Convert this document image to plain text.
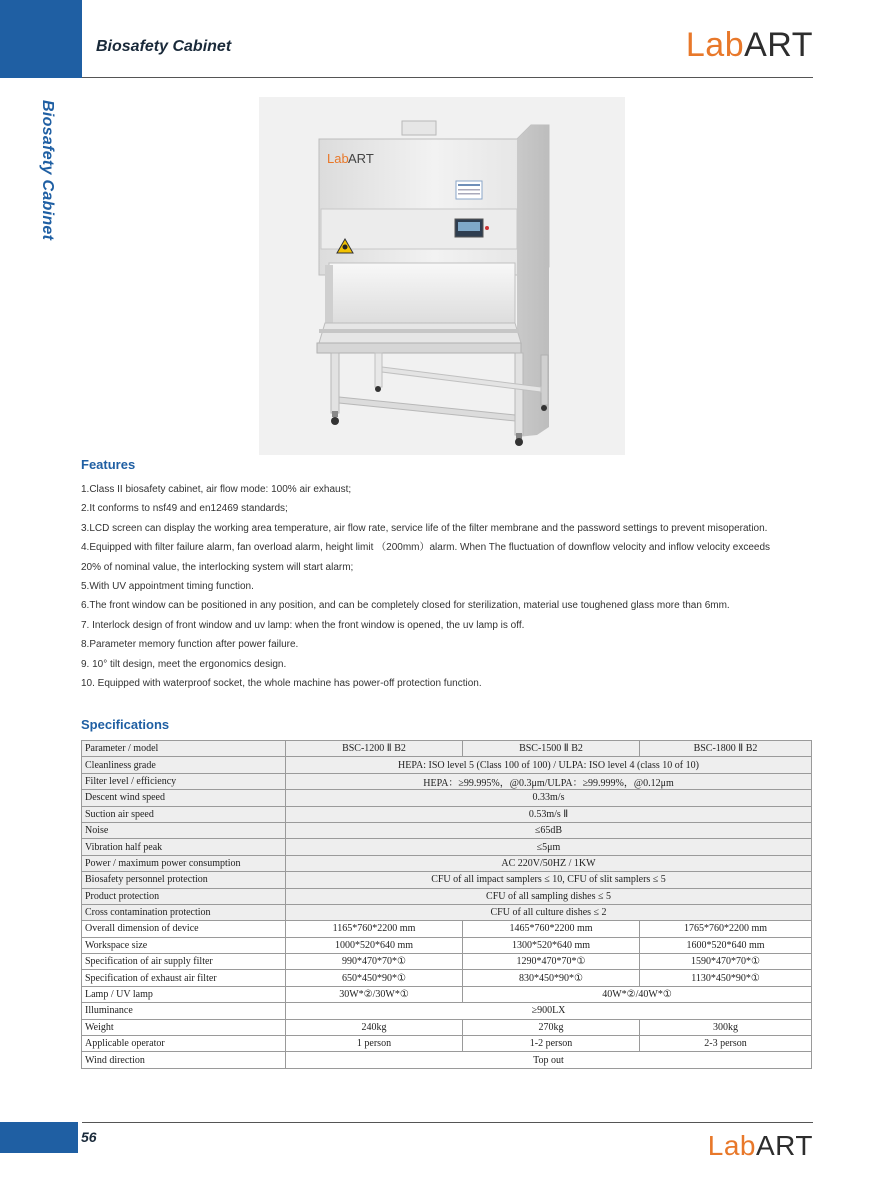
Biosafety Cabinet	LabART
Biosafety Cabinet	Lab ART
Features

1.Class II biosafety cabinet, air flow mode: 100% air exhaust;

2.It conforms to nsf49 and en12469 standards;

3.LCD screen can display the working area temperature, air flow rate, service life of the filter membrane and the password settings to prevent misoperation.

4.Equipped with filter failure alarm, fan overload alarm, height limit （200mm）alarm. When The fluctuation of downflow velocity and inflow velocity exceeds 20% of nominal value, the interlocking system will start alarm;

5.With UV appointment timing function.

6.The front window can be positioned in any position, and can be completely closed for sterilization, material use toughened glass more than 6mm.

7. Interlock design of front window and uv lamp: when the front window is opened, the uv lamp is off.

8.Parameter memory function after power failure.

9. 10° tilt design, meet the ergonomics design.

10. Equipped with waterproof socket, the whole machine has power-off protection function.

Specifications
Parameter / model	BSC-1200 Ⅱ B2	BSC-1500 Ⅱ B2	BSC-1800 Ⅱ B2
Cleanliness grade	HEPA: ISO level 5 (Class 100 of 100) / ULPA: ISO level 4 (class 10 of 10)		
Filter level / efficiency	HEPA：≥99.995%，@0.3μm/ULPA：≥99.999%，@0.12μm		
Descent wind speed	0.33m/s		
Suction air speed	0.53m/s Ⅱ		
Noise	≤65dB		
Vibration half peak	≤5μm		
Power / maximum power consumption	AC 220V/50HZ / 1KW		
Biosafety personnel protection	CFU of all impact samplers ≤ 10, CFU of slit samplers ≤ 5		
Product protection	CFU of all sampling dishes ≤ 5		
Cross contamination protection	CFU of all culture dishes ≤ 2		
Overall dimension of device	1165*760*2200 mm	1465*760*2200 mm	1765*760*2200 mm
Workspace size	1000*520*640 mm	1300*520*640 mm	1600*520*640 mm
Specification of air supply filter	990*470*70*①	1290*470*70*①	1590*470*70*①
Specification of exhaust air filter	650*450*90*①	830*450*90*①	1130*450*90*①
Lamp / UV lamp	30W*②/30W*①	40W*②/40W*①	
Illuminance	≥900LX		
Weight	240kg	270kg	300kg
Applicable operator	1 person	1-2 person	2-3 person
Wind direction	Top out		
56	LabART
